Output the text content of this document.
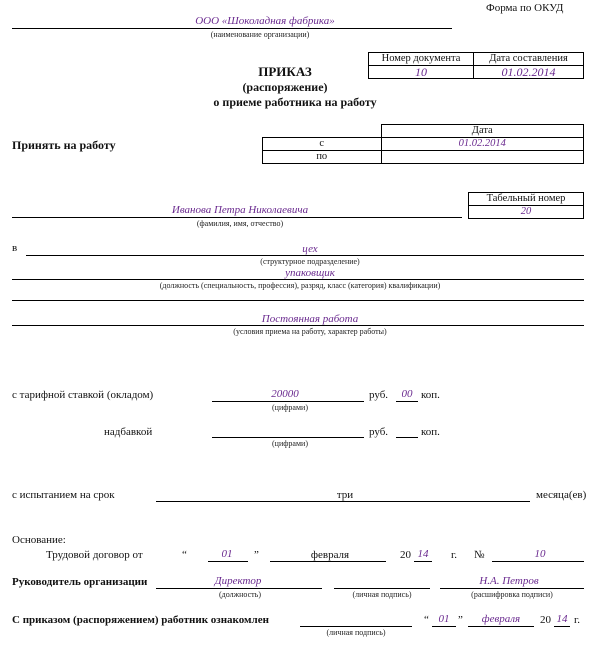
Форма по ОКУД
ООО «Шоколадная фабрика»
(наименование организации)
Номер документа	Дата составления
10	01.02.2014
ПРИКАЗ
(распоряжение)
о приеме работника на работу
Принять на работу
	Дата
с	01.02.2014
по	
Табельный номер
20
Иванова Петра Николаевича
(фамилия, имя, отчество)
в	цех
(структурное подразделение)
упаковщик
(должность (специальность, профессия), разряд, класс (категория) квалификации)
Постоянная работа
(условия приема на работу, характер работы)
с тарифной ставкой (окладом)	20000
(цифрами)
руб.	00 коп.
надбавкой
(цифрами)
руб.	коп.
с испытанием на срок	три	месяца(ев)
Основание:
Трудовой договор от	“	01	”	февраля	20 14	г. №	10
Руководитель организации	Директор
(должность)	(личная подпись)
Н.А. Петров
(расшифровка подписи)
С приказом (распоряжением) работник ознакомлен
(личная подпись)
“ 01 ”	февраля	20 14 г.
